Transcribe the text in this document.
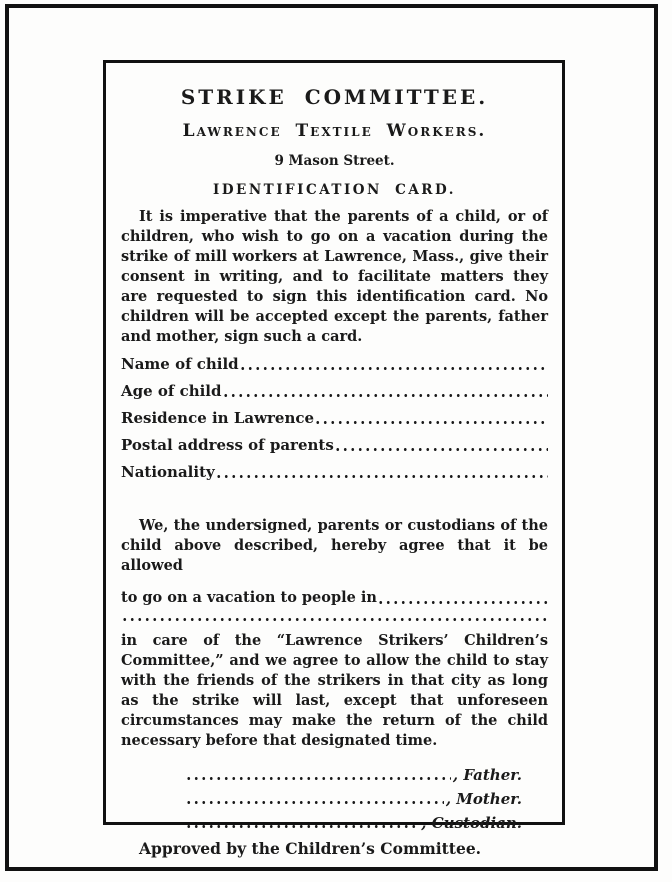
STRIKE COMMITTEE.
Lawrence Textile Workers.
9 Mason Street.
IDENTIFICATION CARD.

It is imperative that the parents of a child, or of children, who wish to go on a vacation during the strike of mill workers at Lawrence, Mass., give their consent in writing, and to facilitate matters they are requested to sign this identification card. No children will be accepted except the parents, father and mother, sign such a card.

Name of child
Age of child
Residence in Lawrence
Postal address of parents
Nationality

We, the undersigned, parents or custodians of the child above described, hereby agree that it be allowed

to go on a vacation to people in

in care of the “Lawrence Strikers’ Children’s Committee,” and we agree to allow the child to stay with the friends of the strikers in that city as long as the strike will last, except that unforeseen circumstances may make the return of the child necessary before that designated time.

, Father.
, Mother.
, Custodian.

Approved by the Children’s Committee.
